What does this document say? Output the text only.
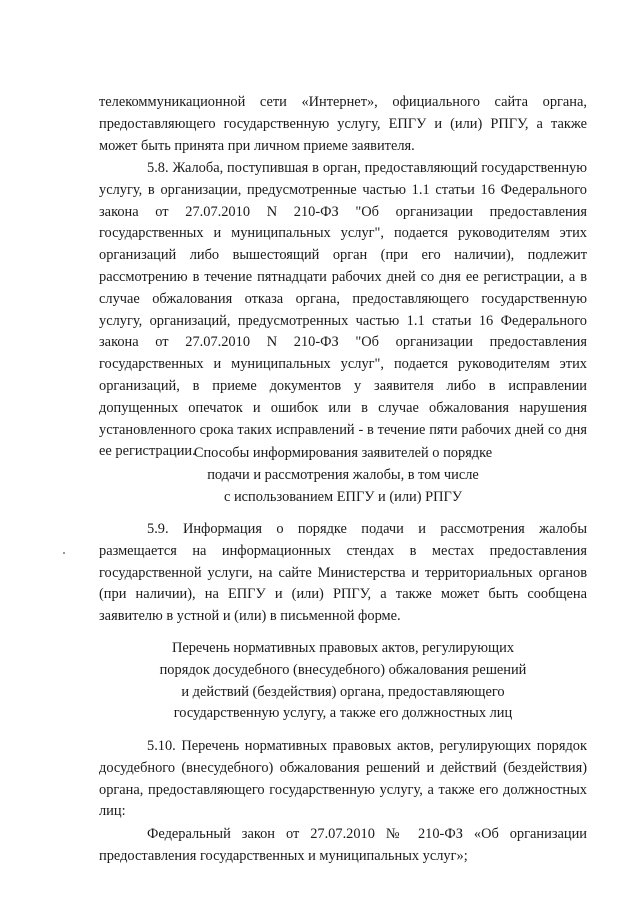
телекоммуникационной сети «Интернет», официального сайта органа, предоставляющего государственную услугу, ЕПГУ и (или) РПГУ, а также может быть принята при личном приеме заявителя.

5.8. Жалоба, поступившая в орган, предоставляющий государственную услугу, в организации, предусмотренные частью 1.1 статьи 16 Федерального закона от 27.07.2010 N 210-ФЗ "Об организации предоставления государственных и муниципальных услуг", подается руководителям этих организаций либо вышестоящий орган (при его наличии), подлежит рассмотрению в течение пятнадцати рабочих дней со дня ее регистрации, а в случае обжалования отказа органа, предоставляющего государственную услугу, организаций, предусмотренных частью 1.1 статьи 16 Федерального закона от 27.07.2010 N 210-ФЗ "Об организации предоставления государственных и муниципальных услуг", подается руководителям этих организаций, в приеме документов у заявителя либо в исправлении допущенных опечаток и ошибок или в случае обжалования нарушения установленного срока таких исправлений - в течение пяти рабочих дней со дня ее регистрации.

Способы информирования заявителей о порядке
подачи и рассмотрения жалобы, в том числе
с использованием ЕПГУ и (или) РПГУ

5.9. Информация о порядке подачи и рассмотрения жалобы размещается на информационных стендах в местах предоставления государственной услуги, на сайте Министерства и территориальных органов (при наличии), на ЕПГУ и (или) РПГУ, а также может быть сообщена заявителю в устной и (или) в письменной форме.

Перечень нормативных правовых актов, регулирующих
порядок досудебного (внесудебного) обжалования решений
и действий (бездействия) органа, предоставляющего
государственную услугу, а также его должностных лиц

5.10. Перечень нормативных правовых актов, регулирующих порядок досудебного (внесудебного) обжалования решений и действий (бездействия) органа, предоставляющего государственную услугу, а также его должностных лиц:

Федеральный закон от 27.07.2010 № 210-ФЗ «Об организации предоставления государственных и муниципальных услуг»;
